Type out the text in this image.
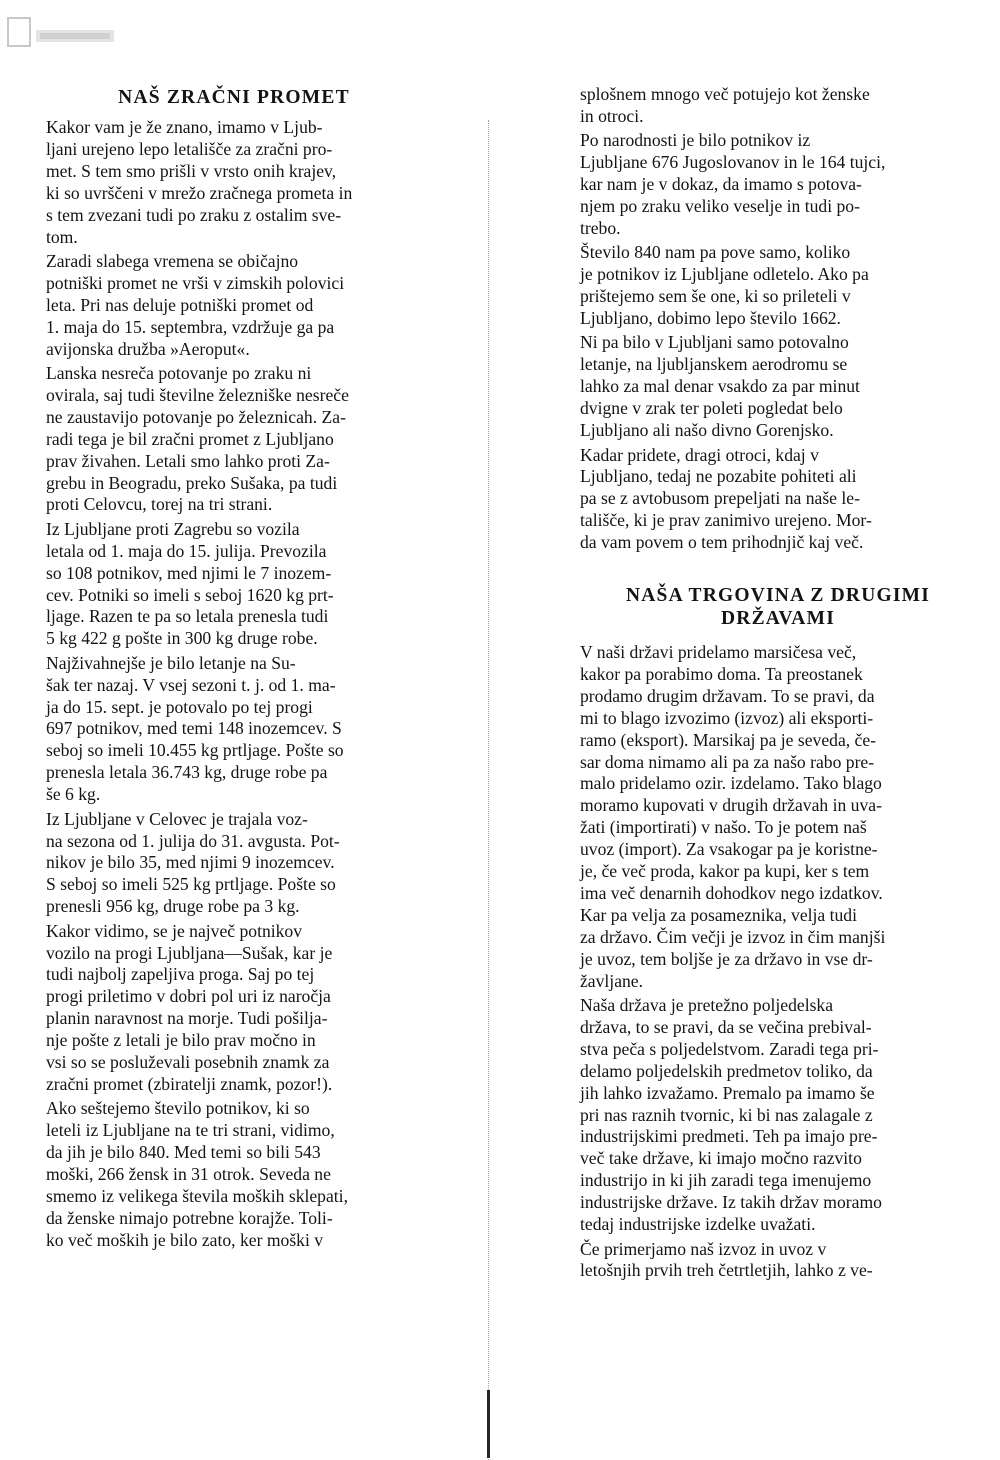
NAŠ ZRAČNI PROMET

Kakor vam je že znano, imamo v Ljub-
ljani urejeno lepo letališče za zračni pro-
met. S tem smo prišli v vrsto onih krajev,
ki so uvrščeni v mrežo zračnega prometa in
s tem zvezani tudi po zraku z ostalim sve-
tom.

Zaradi slabega vremena se običajno
potniški promet ne vrši v zimskih polovici
leta. Pri nas deluje potniški promet od
1. maja do 15. septembra, vzdržuje ga pa
avijonska družba »Aeroput«.

Lanska nesreča potovanje po zraku ni
ovirala, saj tudi številne železniške nesreče
ne zaustavijo potovanje po železnicah. Za-
radi tega je bil zračni promet z Ljubljano
prav živahen. Letali smo lahko proti Za-
grebu in Beogradu, preko Sušaka, pa tudi
proti Celovcu, torej na tri strani.

Iz Ljubljane proti Zagrebu so vozila
letala od 1. maja do 15. julija. Prevozila
so 108 potnikov, med njimi le 7 inozem-
cev. Potniki so imeli s seboj 1620 kg prt-
ljage. Razen te pa so letala prenesla tudi
5 kg 422 g pošte in 300 kg druge robe.

Najživahnejše je bilo letanje na Su-
šak ter nazaj. V vsej sezoni t. j. od 1. ma-
ja do 15. sept. je potovalo po tej progi
697 potnikov, med temi 148 inozemcev. S
seboj so imeli 10.455 kg prtljage. Pošte so
prenesla letala 36.743 kg, druge robe pa
še 6 kg.

Iz Ljubljane v Celovec je trajala voz-
na sezona od 1. julija do 31. avgusta. Pot-
nikov je bilo 35, med njimi 9 inozemcev.
S seboj so imeli 525 kg prtljage. Pošte so
prenesli 956 kg, druge robe pa 3 kg.

Kakor vidimo, se je največ potnikov
vozilo na progi Ljubljana—Sušak, kar je
tudi najbolj zapeljiva proga. Saj po tej
progi priletimo v dobri pol uri iz naročja
planin naravnost na morje. Tudi pošilja-
nje pošte z letali je bilo prav močno in
vsi so se posluževali posebnih znamk za
zračni promet (zbiratelji znamk, pozor!).

Ako seštejemo število potnikov, ki so
leteli iz Ljubljane na te tri strani, vidimo,
da jih je bilo 840. Med temi so bili 543
moški, 266 žensk in 31 otrok. Seveda ne
smemo iz velikega števila moških sklepati,
da ženske nimajo potrebne korajže. Toli-
ko več moških je bilo zato, ker moški v

splošnem mnogo več potujejo kot ženske
in otroci.

Po narodnosti je bilo potnikov iz
Ljubljane 676 Jugoslovanov in le 164 tujci,
kar nam je v dokaz, da imamo s potova-
njem po zraku veliko veselje in tudi po-
trebo.

Število 840 nam pa pove samo, koliko
je potnikov iz Ljubljane odletelo. Ako pa
prištejemo sem še one, ki so prileteli v
Ljubljano, dobimo lepo število 1662.

Ni pa bilo v Ljubljani samo potovalno
letanje, na ljubljanskem aerodromu se
lahko za mal denar vsakdo za par minut
dvigne v zrak ter poleti pogledat belo
Ljubljano ali našo divno Gorenjsko.

Kadar pridete, dragi otroci, kdaj v
Ljubljano, tedaj ne pozabite pohiteti ali
pa se z avtobusom prepeljati na naše le-
tališče, ki je prav zanimivo urejeno. Mor-
da vam povem o tem prihodnjič kaj več.

NAŠA TRGOVINA Z DRUGIMI
DRŽAVAMI

V naši državi pridelamo marsičesa več,
kakor pa porabimo doma. Ta preostanek
prodamo drugim državam. To se pravi, da
mi to blago izvozimo (izvoz) ali eksporti-
ramo (eksport). Marsikaj pa je seveda, če-
sar doma nimamo ali pa za našo rabo pre-
malo pridelamo ozir. izdelamo. Tako blago
moramo kupovati v drugih državah in uva-
žati (importirati) v našo. To je potem naš
uvoz (import). Za vsakogar pa je koristne-
je, če več proda, kakor pa kupi, ker s tem
ima več denarnih dohodkov nego izdatkov.
Kar pa velja za posameznika, velja tudi
za državo. Čim večji je izvoz in čim manjši
je uvoz, tem boljše je za državo in vse dr-
žavljane.

Naša država je pretežno poljedelska
država, to se pravi, da se večina prebival-
stva peča s poljedelstvom. Zaradi tega pri-
delamo poljedelskih predmetov toliko, da
jih lahko izvažamo. Premalo pa imamo še
pri nas raznih tvornic, ki bi nas zalagale z
industrijskimi predmeti. Teh pa imajo pre-
več take države, ki imajo močno razvito
industrijo in ki jih zaradi tega imenujemo
industrijske države. Iz takih držav moramo
tedaj industrijske izdelke uvažati.

Če primerjamo naš izvoz in uvoz v
letošnjih prvih treh četrtletjih, lahko z ve-
